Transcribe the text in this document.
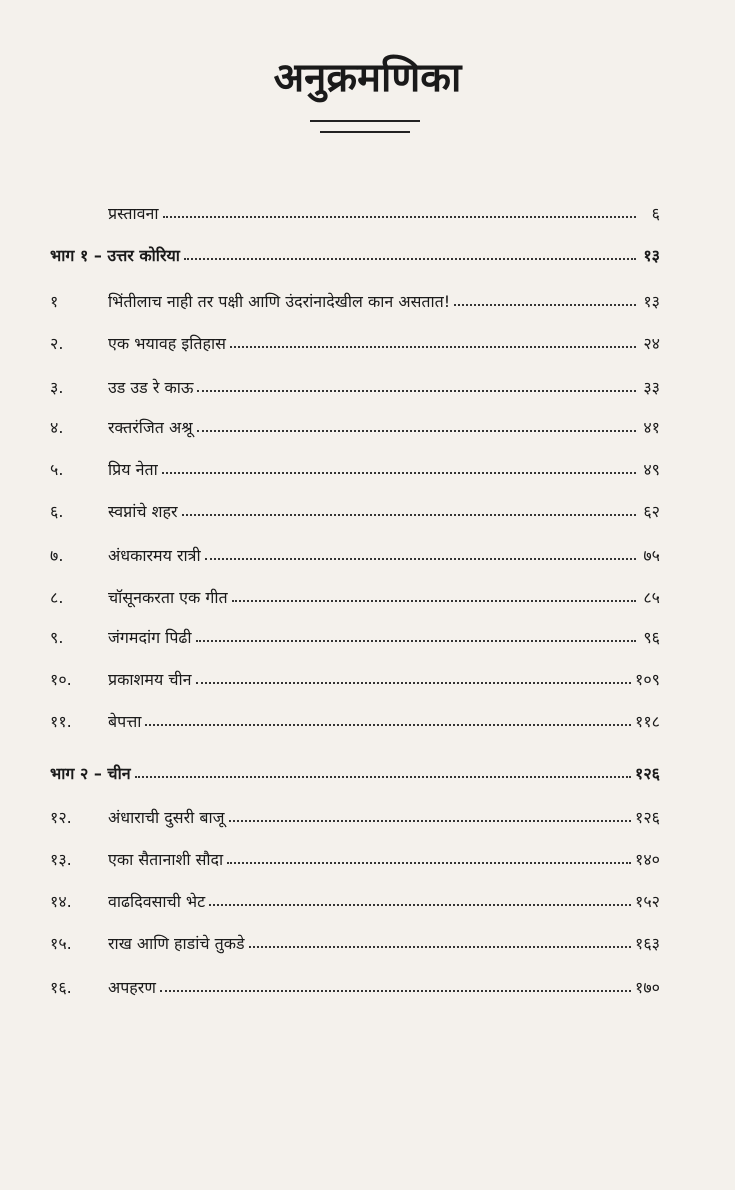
अनुक्रमणिका
प्रस्तावना	६
भाग १ – उत्तर कोरिया	१३
१	भिंतीलाच नाही तर पक्षी आणि उंदरांनादेखील कान असतात!	१३
२.	एक भयावह इतिहास	२४
३.	उड उड रे काऊ	३३
४.	रक्तरंजित अश्रू	४१
५.	प्रिय नेता	४९
६.	स्वप्नांचे शहर	६२
७.	अंधकारमय रात्री	७५
८.	चॉसूनकरता एक गीत	८५
९.	जंगमदांग पिढी	९६
१०.	प्रकाशमय चीन	१०९
११.	बेपत्ता	११८
भाग २ – चीन	१२६
१२.	अंधाराची दुसरी बाजू	१२६
१३.	एका सैतानाशी सौदा	१४०
१४.	वाढदिवसाची भेट	१५२
१५.	राख आणि हाडांचे तुकडे	१६३
१६.	अपहरण	१७०
